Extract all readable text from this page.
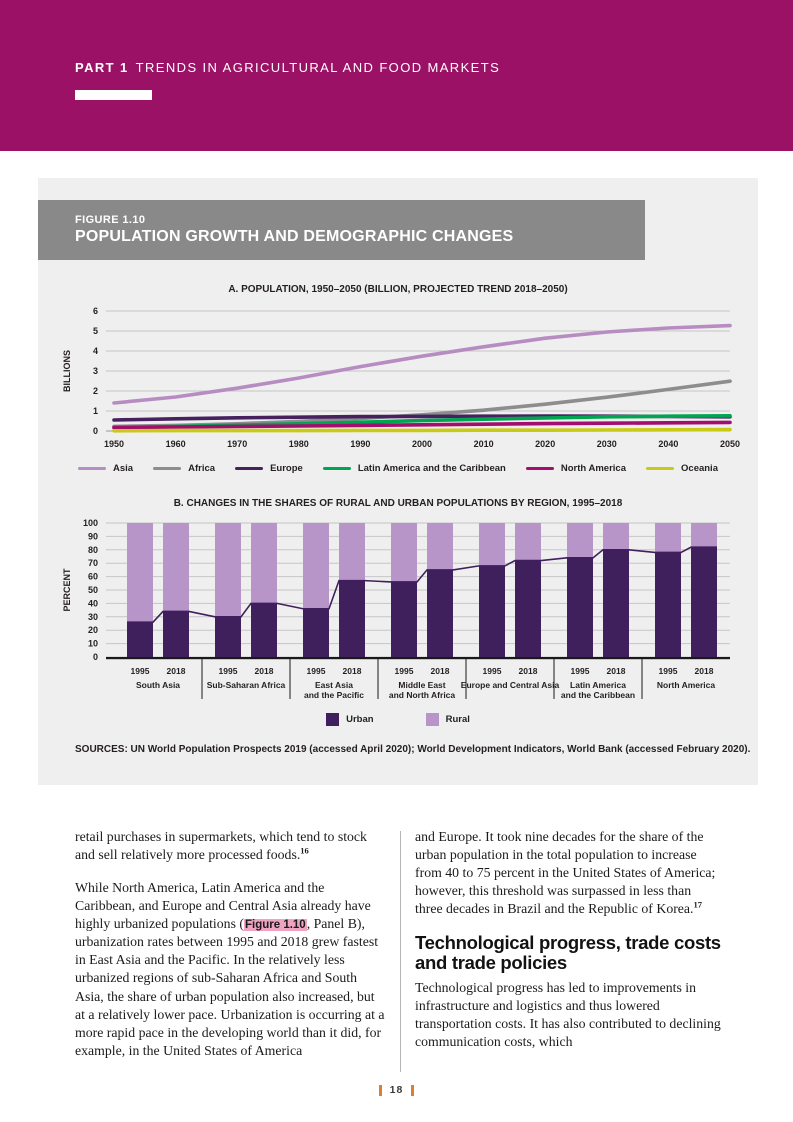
PART 1 TRENDS IN AGRICULTURAL AND FOOD MARKETS
FIGURE 1.10
POPULATION GROWTH AND DEMOGRAPHIC CHANGES
A. POPULATION, 1950–2050 (BILLION, PROJECTED TREND 2018–2050)
0
1
2
3
4
5
6
1950	1960	1970	1980	1990	2000	2010	2020	2030	2040	2050
BILLIONS
Asia	Africa	Europe	Latin America and the Caribbean	North America	Oceania
B. CHANGES IN THE SHARES OF RURAL AND URBAN POPULATIONS BY REGION, 1995–2018
0
10
20
30
40
50
60
70
80
90
100
PERCENT
1995 2018
South Asia
1995 2018
Sub-Saharan Africa
1995 2018
East Asia
and the Pacific
1995 2018
Middle East
and North Africa
1995 2018
Europe and Central Asia
1995 2018
Latin America
and the Caribbean
1995 2018
North America
Urban	Rural
SOURCES: UN World Population Prospects 2019 (accessed April 2020); World Development Indicators, World Bank (accessed February 2020).

retail purchases in supermarkets, which tend to stock and sell relatively more processed foods.$^{16}$

While North America, Latin America and the Caribbean, and Europe and Central Asia already have highly urbanized populations (Figure 1.10, Panel B), urbanization rates between 1995 and 2018 grew fastest in East Asia and the Pacific. In the relatively less urbanized regions of sub-Saharan Africa and South Asia, the share of urban population also increased, but at a relatively lower pace. Urbanization is occurring at a more rapid pace in the developing world than it did, for example, in the United States of America

and Europe. It took nine decades for the share of the urban population in the total population to increase from 40 to 75 percent in the United States of America; however, this threshold was surpassed in less than three decades in Brazil and the Republic of Korea.$^{17}$

Technological progress, trade costs and trade policies

Technological progress has led to improvements in infrastructure and logistics and thus lowered transportation costs. It has also contributed to declining communication costs, which

18
